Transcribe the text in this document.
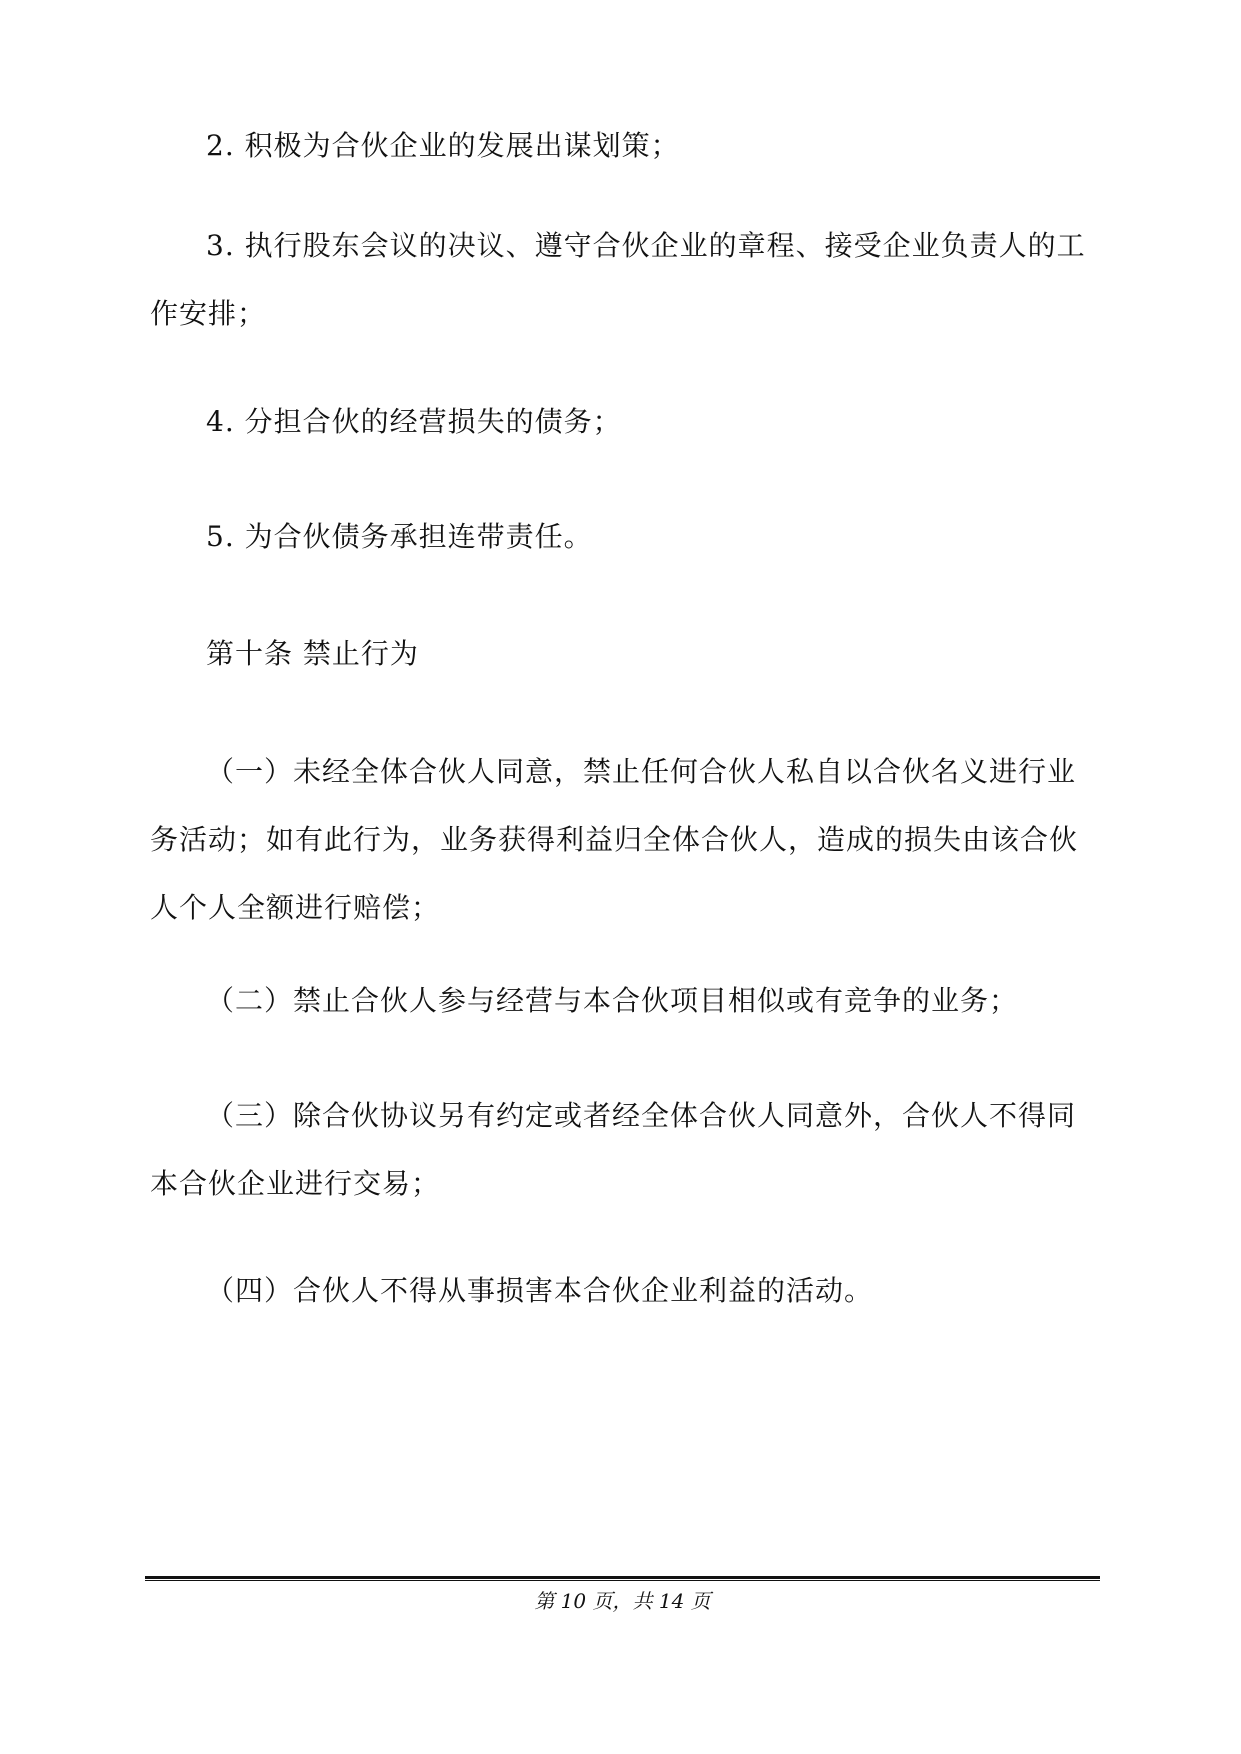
2. 积极为合伙企业的发展出谋划策；

3. 执行股东会议的决议、遵守合伙企业的章程、接受企业负责人的工作安排；

4. 分担合伙的经营损失的债务；

5. 为合伙债务承担连带责任。

第十条 禁止行为

（一）未经全体合伙人同意，禁止任何合伙人私自以合伙名义进行业务活动；如有此行为，业务获得利益归全体合伙人，造成的损失由该合伙人个人全额进行赔偿；

（二）禁止合伙人参与经营与本合伙项目相似或有竞争的业务；

（三）除合伙协议另有约定或者经全体合伙人同意外，合伙人不得同本合伙企业进行交易；

（四）合伙人不得从事损害本合伙企业利益的活动。

第 10 页，共 14 页
